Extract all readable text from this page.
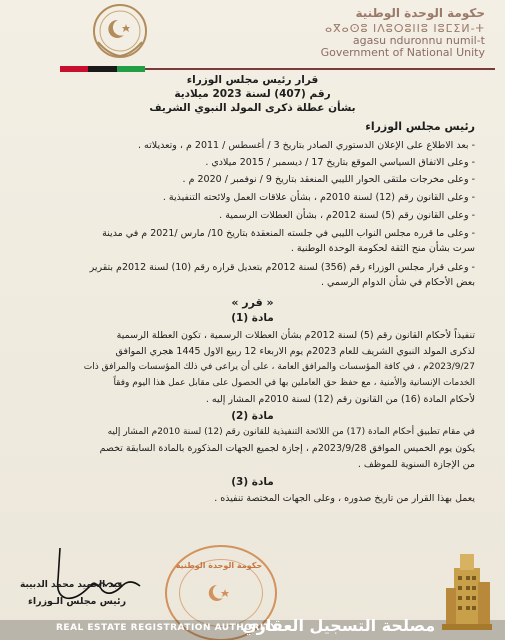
حكومة الوحدة الوطنية
ⴰⴳⴰⵙⵓ ⵏⴷⵓⵔⵓⵏⵏⵓ ⵏⵓⵎⵉⵍ-ⵜ
agasu nduronnu numil-t
Government of National Unity
قرار رئيس مجلس الوزراء
رقم (407) لسنة 2023 ميلادية
بشأن عطلة ذكرى المولد النبوي الشريف
رئيس مجلس الوزراء
- بعد الاطلاع على الإعلان الدستوري الصادر بتاريخ 3 / أغسطس / 2011 م ، وتعديلاته .
- وعلى الاتفاق السياسي الموقع بتاريخ 17 / ديسمبر / 2015 ميلادي .
- وعلى مخرجات ملتقى الحوار الليبي المنعقد بتاريخ 9 / نوفمبر / 2020 م .
- وعلى القانون رقم (12) لسنة 2010م ، بشأن علاقات العمل ولائحته التنفيذية .
- وعلى القانون رقم (5) لسنة 2012م ، بشأن العطلات الرسمية .
- وعلى ما قرره مجلس النواب الليبي في جلسته المنعقدة بتاريخ 10/ مارس /2021 م في مدينة
سرت بشأن منح الثقة لحكومة الوحدة الوطنية .
- وعلى قرار مجلس الوزراء رقم (356) لسنة 2012م بتعديل قراره رقم (10) لسنة 2012م بتقرير
بعض الأحكام في شأن الدوام الرسمي .
« قرر »
مادة (1)
تنفيذاً لأحكام القانون رقم (5) لسنة 2012م بشأن العطلات الرسمية ، تكون العطلة الرسمية
لذكرى المولد النبوي الشريف للعام 2023م يوم الاربعاء 12 ربيع الاول 1445 هجري الموافق
2023/9/27م ، في كافة المؤسسات والمرافق العامة ، على أن يراعى في ذلك المؤسسات والمرافق ذات
الخدمات الإنسانية والأمنية ، مع حفظ حق العاملين بها في الحصول على مقابل عمل هذا اليوم وفقاً
لأحكام المادة (16) من القانون رقم (12) لسنة 2010م المشار إليه .
مادة (2)
في مقام تطبيق أحكام المادة (17) من اللائحة التنفيذية للقانون رقم (12) لسنة 2010م المشار إليه
يكون يوم الخميس الموافق 2023/9/28م ، إجازة لجميع الجهات المذكورة بالمادة السابقة تخصم
من الإجازة السنوية للموظف .
مادة (3)
يعمل بهذا القرار من تاريخ صدوره ، وعلى الجهات المختصة تنفيذه .
عبد الحميد محمد الدبيبة
رئيس مجلس الـوزراء
حكومة الوحدة الوطنية
REAL ESTATE REGISTRATION AUTHORITY
مصلحة التسجيل العقاري
